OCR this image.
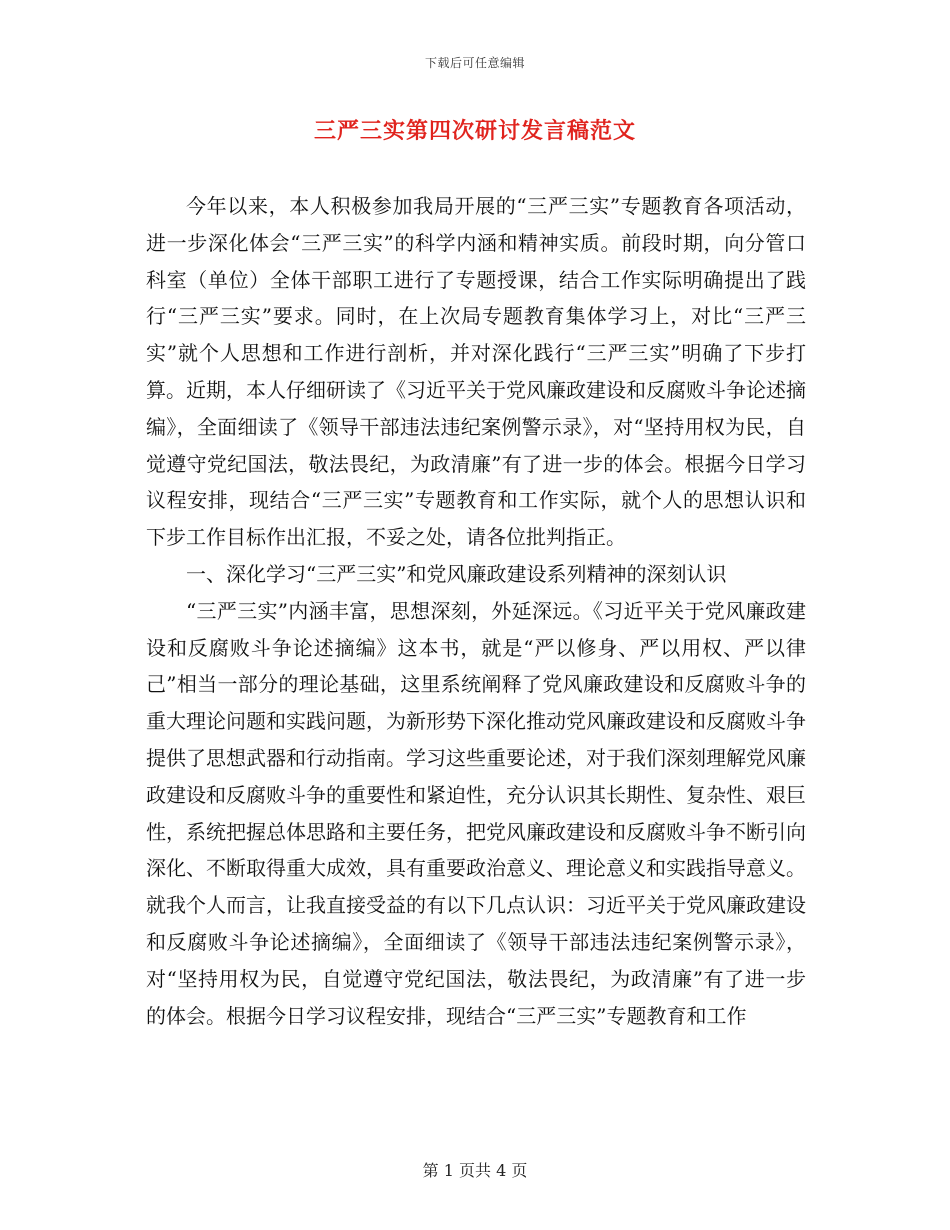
下载后可任意编辑
三严三实第四次研讨发言稿范文

今年以来，本人积极参加我局开展的“三严三实”专题教育各项活动，进一步深化体会“三严三实”的科学内涵和精神实质。前段时期，向分管口科室（单位）全体干部职工进行了专题授课，结合工作实际明确提出了践行“三严三实”要求。同时，在上次局专题教育集体学习上，对比“三严三实”就个人思想和工作进行剖析，并对深化践行“三严三实”明确了下步打算。近期，本人仔细研读了《习近平关于党风廉政建设和反腐败斗争论述摘编》，全面细读了《领导干部违法违纪案例警示录》，对“坚持用权为民，自觉遵守党纪国法，敬法畏纪，为政清廉”有了进一步的体会。根据今日学习议程安排，现结合“三严三实”专题教育和工作实际，就个人的思想认识和下步工作目标作出汇报，不妥之处，请各位批判指正。

一、深化学习“三严三实”和党风廉政建设系列精神的深刻认识

“三严三实”内涵丰富，思想深刻，外延深远。《习近平关于党风廉政建设和反腐败斗争论述摘编》这本书，就是“严以修身、严以用权、严以律己”相当一部分的理论基础，这里系统阐释了党风廉政建设和反腐败斗争的重大理论问题和实践问题，为新形势下深化推动党风廉政建设和反腐败斗争提供了思想武器和行动指南。学习这些重要论述，对于我们深刻理解党风廉政建设和反腐败斗争的重要性和紧迫性，充分认识其长期性、复杂性、艰巨性，系统把握总体思路和主要任务，把党风廉政建设和反腐败斗争不断引向深化、不断取得重大成效，具有重要政治意义、理论意义和实践指导意义。就我个人而言，让我直接受益的有以下几点认识：习近平关于党风廉政建设和反腐败斗争论述摘编》，全面细读了《领导干部违法违纪案例警示录》，对“坚持用权为民，自觉遵守党纪国法，敬法畏纪，为政清廉”有了进一步的体会。根据今日学习议程安排，现结合“三严三实”专题教育和工作

第 1 页共 4 页
